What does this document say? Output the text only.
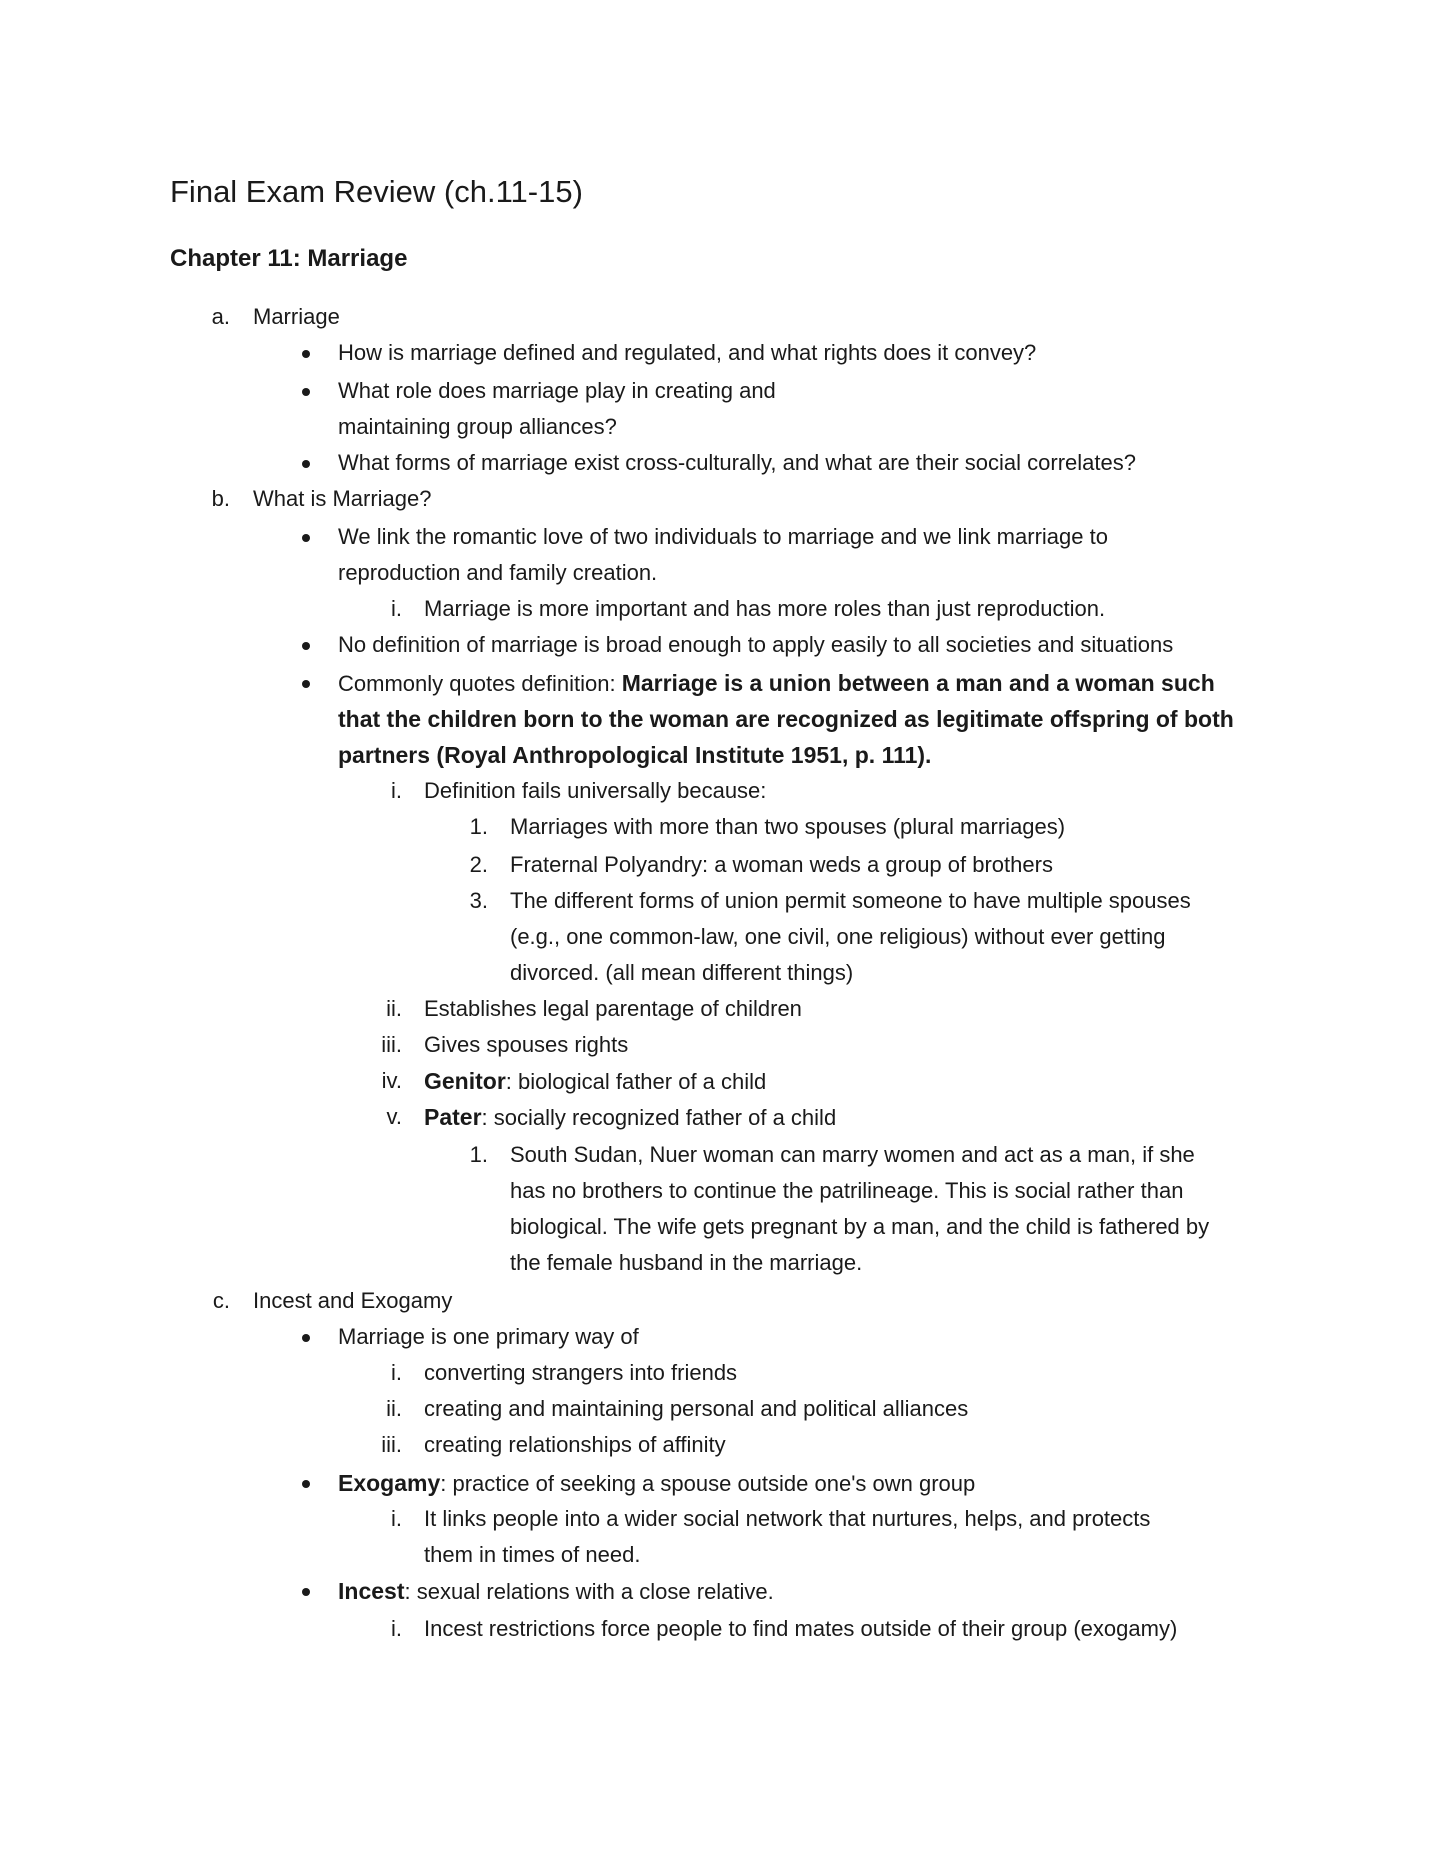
Final Exam Review (ch.11-15)
Chapter 11: Marriage
a. Marriage
How is marriage defined and regulated, and what rights does it convey?
What role does marriage play in creating and
maintaining group alliances?
What forms of marriage exist cross-culturally, and what are their social correlates?
b. What is Marriage?
We link the romantic love of two individuals to marriage and we link marriage to
reproduction and family creation.
i. Marriage is more important and has more roles than just reproduction.
No definition of marriage is broad enough to apply easily to all societies and situations
Commonly quotes definition: Marriage is a union between a man and a woman such
that the children born to the woman are recognized as legitimate offspring of both
partners (Royal Anthropological Institute 1951, p. 111).
i. Definition fails universally because:
1. Marriages with more than two spouses (plural marriages)
2. Fraternal Polyandry: a woman weds a group of brothers
3. The different forms of union permit someone to have multiple spouses
(e.g., one common-law, one civil, one religious) without ever getting
divorced. (all mean different things)
ii. Establishes legal parentage of children
iii. Gives spouses rights
iv. Genitor: biological father of a child
v. Pater: socially recognized father of a child
1. South Sudan, Nuer woman can marry women and act as a man, if she
has no brothers to continue the patrilineage. This is social rather than
biological. The wife gets pregnant by a man, and the child is fathered by
the female husband in the marriage.
c. Incest and Exogamy
Marriage is one primary way of
i. converting strangers into friends
ii. creating and maintaining personal and political alliances
iii. creating relationships of affinity
Exogamy: practice of seeking a spouse outside one's own group
i. It links people into a wider social network that nurtures, helps, and protects
them in times of need.
Incest: sexual relations with a close relative.
i. Incest restrictions force people to find mates outside of their group (exogamy)
